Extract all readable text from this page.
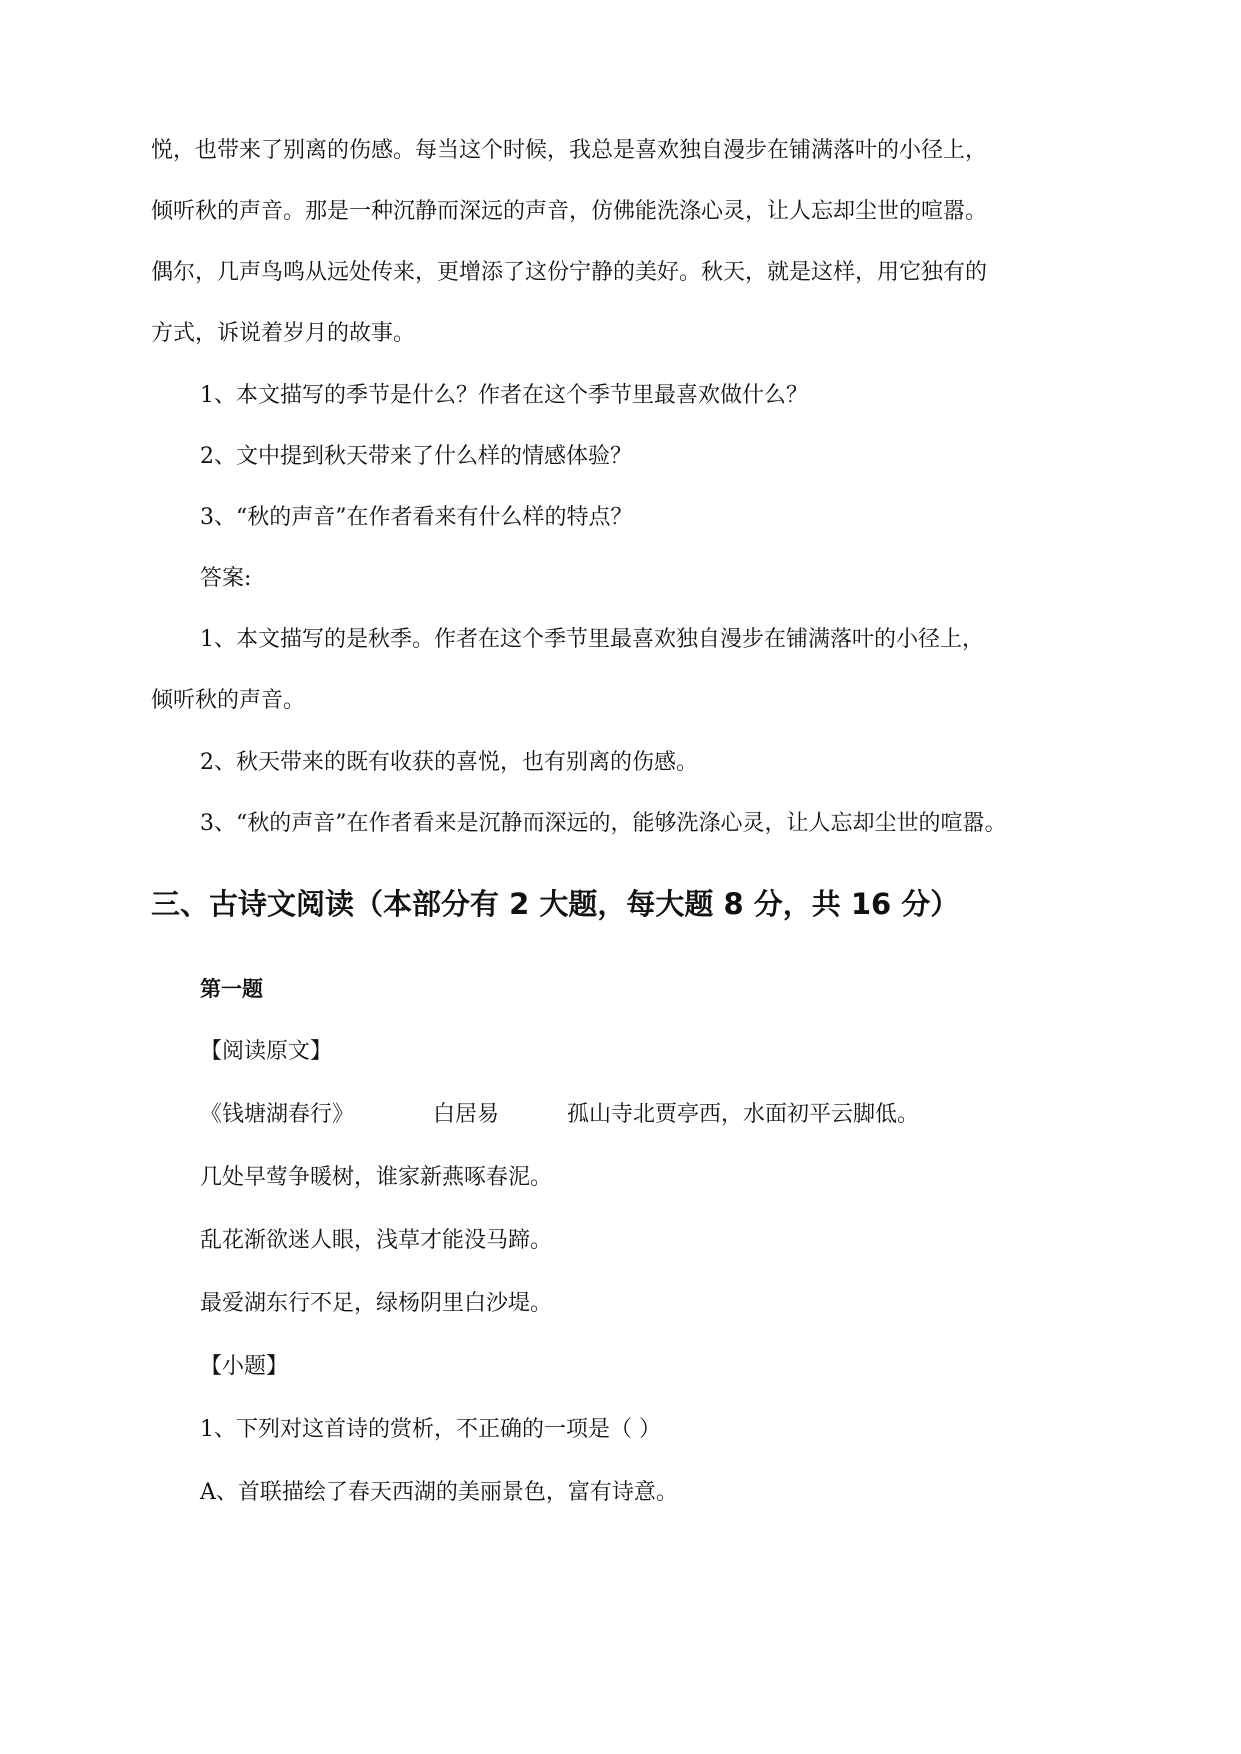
悦，也带来了别离的伤感。每当这个时候，我总是喜欢独自漫步在铺满落叶的小径上，
倾听秋的声音。那是一种沉静而深远的声音，仿佛能洗涤心灵，让人忘却尘世的喧嚣。
偶尔，几声鸟鸣从远处传来，更增添了这份宁静的美好。秋天，就是这样，用它独有的
方式，诉说着岁月的故事。
1、本文描写的季节是什么？作者在这个季节里最喜欢做什么？
2、文中提到秋天带来了什么样的情感体验？
3、“秋的声音”在作者看来有什么样的特点？
答案:
1、本文描写的是秋季。作者在这个季节里最喜欢独自漫步在铺满落叶的小径上，
倾听秋的声音。
2、秋天带来的既有收获的喜悦，也有别离的伤感。
3、“秋的声音”在作者看来是沉静而深远的，能够洗涤心灵，让人忘却尘世的喧嚣。
三、古诗文阅读（本部分有 2 大题，每大题 8 分，共 16 分）
第一题
【阅读原文】
《钱塘湖春行》	白居易	孤山寺北贾亭西，水面初平云脚低。
几处早莺争暖树，谁家新燕啄春泥。
乱花渐欲迷人眼，浅草才能没马蹄。
最爱湖东行不足，绿杨阴里白沙堤。
【小题】
1、下列对这首诗的赏析，不正确的一项是（ ）
A、首联描绘了春天西湖的美丽景色，富有诗意。
